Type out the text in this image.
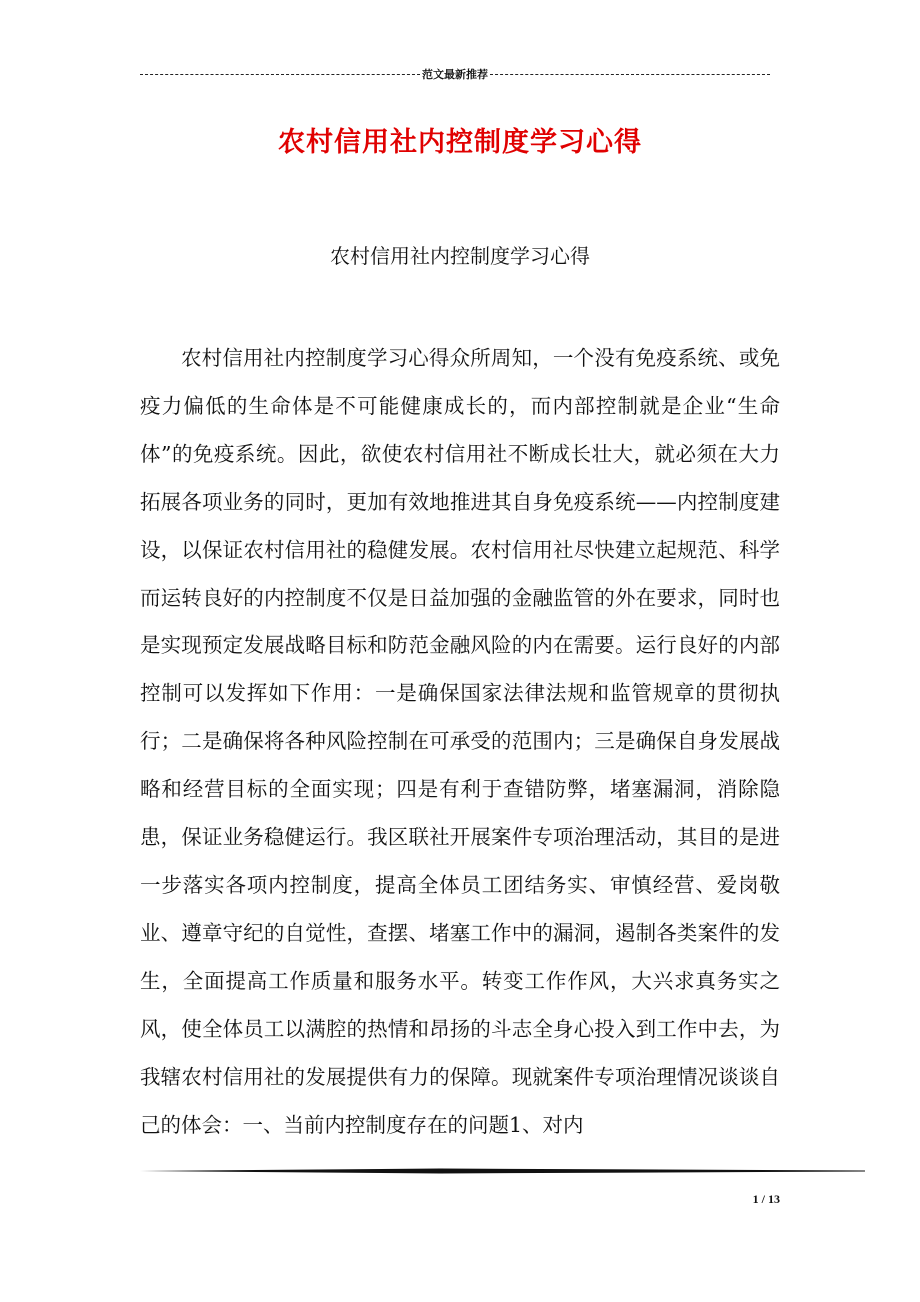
范文最新推荐
农村信用社内控制度学习心得
农村信用社内控制度学习心得
农村信用社内控制度学习心得众所周知，一个没有免疫系统、或免疫力偏低的生命体是不可能健康成长的，而内部控制就是企业“生命体”的免疫系统。因此，欲使农村信用社不断成长壮大，就必须在大力拓展各项业务的同时，更加有效地推进其自身免疫系统——内控制度建设，以保证农村信用社的稳健发展。农村信用社尽快建立起规范、科学而运转良好的内控制度不仅是日益加强的金融监管的外在要求，同时也是实现预定发展战略目标和防范金融风险的内在需要。运行良好的内部控制可以发挥如下作用：一是确保国家法律法规和监管规章的贯彻执行；二是确保将各种风险控制在可承受的范围内；三是确保自身发展战略和经营目标的全面实现；四是有利于查错防弊，堵塞漏洞，消除隐患，保证业务稳健运行。我区联社开展案件专项治理活动，其目的是进一步落实各项内控制度，提高全体员工团结务实、审慎经营、爱岗敬业、遵章守纪的自觉性，查摆、堵塞工作中的漏洞，遏制各类案件的发生，全面提高工作质量和服务水平。转变工作作风，大兴求真务实之风，使全体员工以满腔的热情和昂扬的斗志全身心投入到工作中去，为我辖农村信用社的发展提供有力的保障。现就案件专项治理情况谈谈自己的体会：一、当前内控制度存在的问题1、对内
1 / 13
